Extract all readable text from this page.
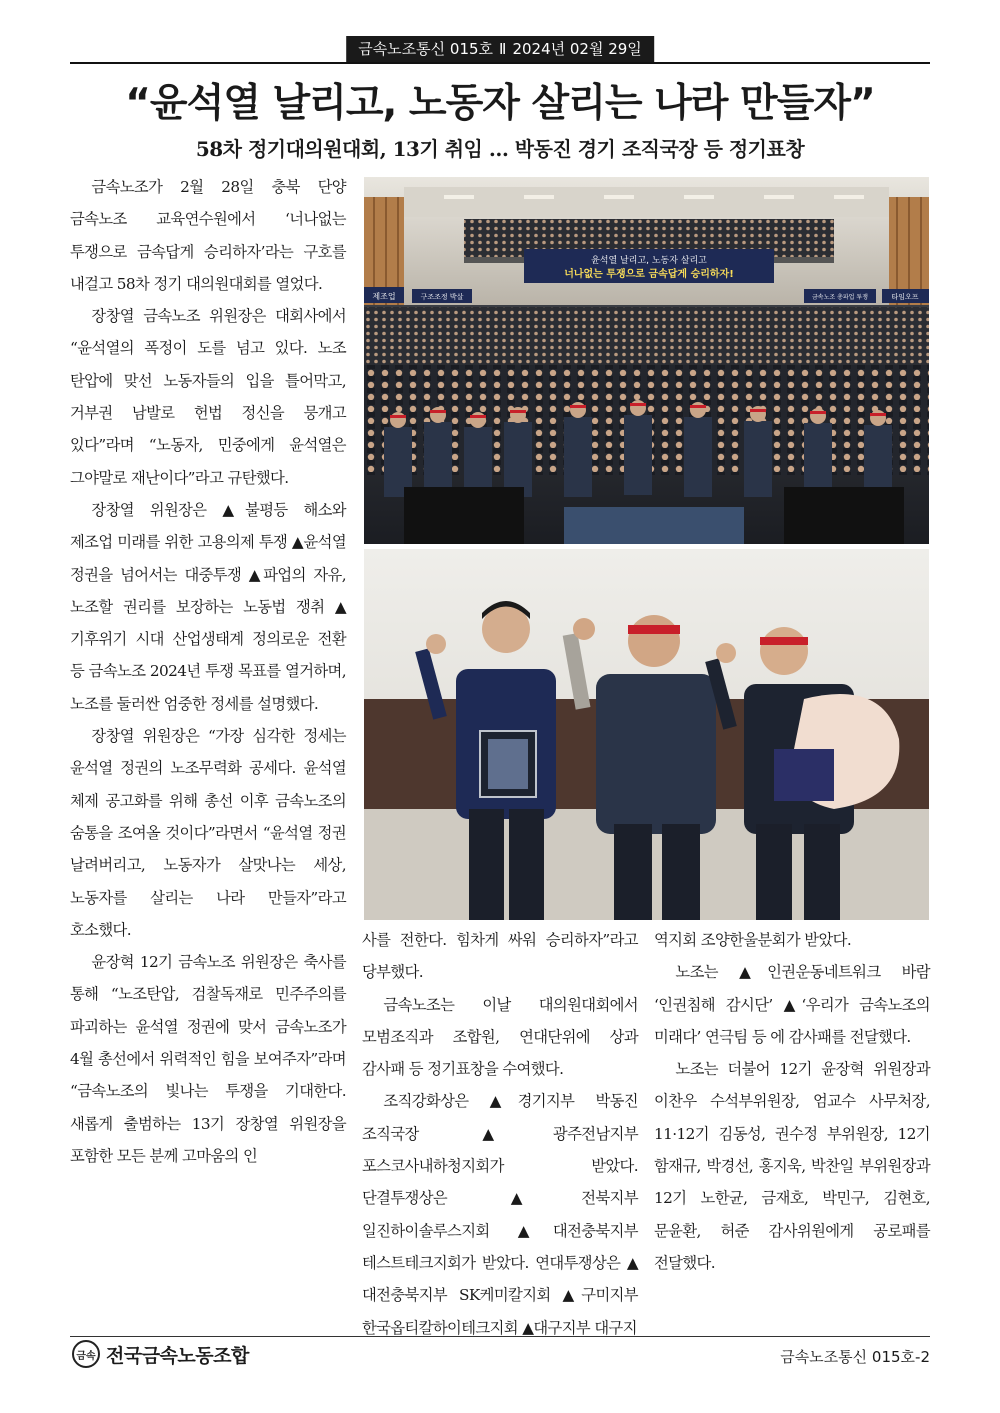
금속노조통신 015호 Ⅱ 2024년 02월 29일
“윤석열 날리고, 노동자 살리는 나라 만들자”
58차 정기대의원대회, 13기 취임 … 박동진 경기 조직국장 등 정기표창

금속노조가 2월 28일 충북 단양 금속노조 교육연수원에서 ‘너나없는 투쟁으로 금속답게 승리하자’라는 구호를 내걸고 58차 정기 대의원대회를 열었다.

장창열 금속노조 위원장은 대회사에서 “윤석열의 폭정이 도를 넘고 있다. 노조 탄압에 맞선 노동자들의 입을 틀어막고, 거부권 남발로 헌법 정신을 뭉개고 있다”라며 “노동자, 민중에게 윤석열은 그야말로 재난이다”라고 규탄했다.

장창열 위원장은 ▲불평등 해소와 제조업 미래를 위한 고용의제 투쟁 ▲윤석열 정권을 넘어서는 대중투쟁 ▲파업의 자유, 노조할 권리를 보장하는 노동법 쟁취 ▲기후위기 시대 산업생태계 정의로운 전환 등 금속노조 2024년 투쟁 목표를 열거하며, 노조를 둘러싼 엄중한 정세를 설명했다.

장창열 위원장은 “가장 심각한 정세는 윤석열 정권의 노조무력화 공세다. 윤석열 체제 공고화를 위해 총선 이후 금속노조의 숨통을 조여올 것이다”라면서 “윤석열 정권 날려버리고, 노동자가 살맛나는 세상, 노동자를 살리는 나라 만들자”라고 호소했다.

윤장혁 12기 금속노조 위원장은 축사를 통해 “노조탄압, 검찰독재로 민주주의를 파괴하는 윤석열 정권에 맞서 금속노조가 4월 총선에서 위력적인 힘을 보여주자”라며 “금속노조의 빛나는 투쟁을 기대한다. 새롭게 출범하는 13기 장창열 위원장을 포함한 모든 분께 고마움의 인

윤석열 날리고, 노동자 살리고
너나없는 투쟁으로 금속답게 승리하자!
제조업	구조조정 박살	금속노조 총파업 투쟁	타임오프

사를 전한다. 힘차게 싸워 승리하자”라고 당부했다.

금속노조는 이날 대의원대회에서 모범조직과 조합원, 연대단위에 상과 감사패 등 정기표창을 수여했다.

조직강화상은 ▲경기지부 박동진 조직국장 ▲광주전남지부 포스코사내하청지회가 받았다. 단결투쟁상은 ▲전북지부 일진하이솔루스지회 ▲대전충북지부 테스트테크지회가 받았다. 연대투쟁상은 ▲대전충북지부 SK케미칼지회 ▲구미지부 한국옵티칼하이테크지회 ▲대구지부 대구지

역지회 조양한울분회가 받았다.

노조는 ▲인권운동네트워크 바람 ‘인권침해 감시단’ ▲‘우리가 금속노조의 미래다’ 연극팀 등 에 감사패를 전달했다.

노조는 더불어 12기 윤장혁 위원장과 이찬우 수석부위원장, 엄교수 사무처장, 11·12기 김동성, 권수정 부위원장, 12기 함재규, 박경선, 홍지욱, 박찬일 부위원장과 12기 노한균, 금재호, 박민구, 김현호, 문윤환, 허준 감사위원에게 공로패를 전달했다.

금속 전국금속노동조합	금속노조통신 015호-2
